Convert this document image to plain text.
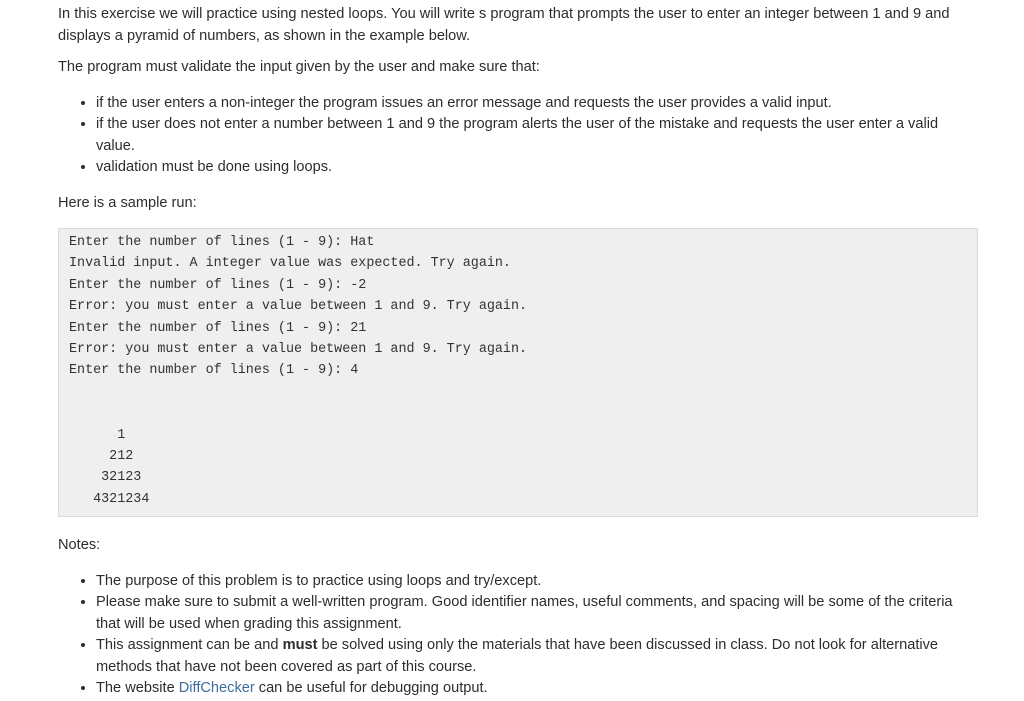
In this exercise we will practice using nested loops. You will write s program that prompts the user to enter an integer between 1 and 9 and displays a pyramid of numbers, as shown in the example below.

The program must validate the input given by the user and make sure that:

• if the user enters a non-integer the program issues an error message and requests the user provides a valid input.
• if the user does not enter a number between 1 and 9 the program alerts the user of the mistake and requests the user enter a valid value.
• validation must be done using loops.

Here is a sample run:

Enter the number of lines (1 - 9): Hat
Invalid input. A integer value was expected. Try again.
Enter the number of lines (1 - 9): -2
Error: you must enter a value between 1 and 9. Try again.
Enter the number of lines (1 - 9): 21
Error: you must enter a value between 1 and 9. Try again.
Enter the number of lines (1 - 9): 4

1
212
32123
4321234

Notes:

• The purpose of this problem is to practice using loops and try/except.
• Please make sure to submit a well-written program. Good identifier names, useful comments, and spacing will be some of the criteria that will be used when grading this assignment.
• This assignment can be and must be solved using only the materials that have been discussed in class. Do not look for alternative methods that have not been covered as part of this course.
• The website DiffChecker can be useful for debugging output.
